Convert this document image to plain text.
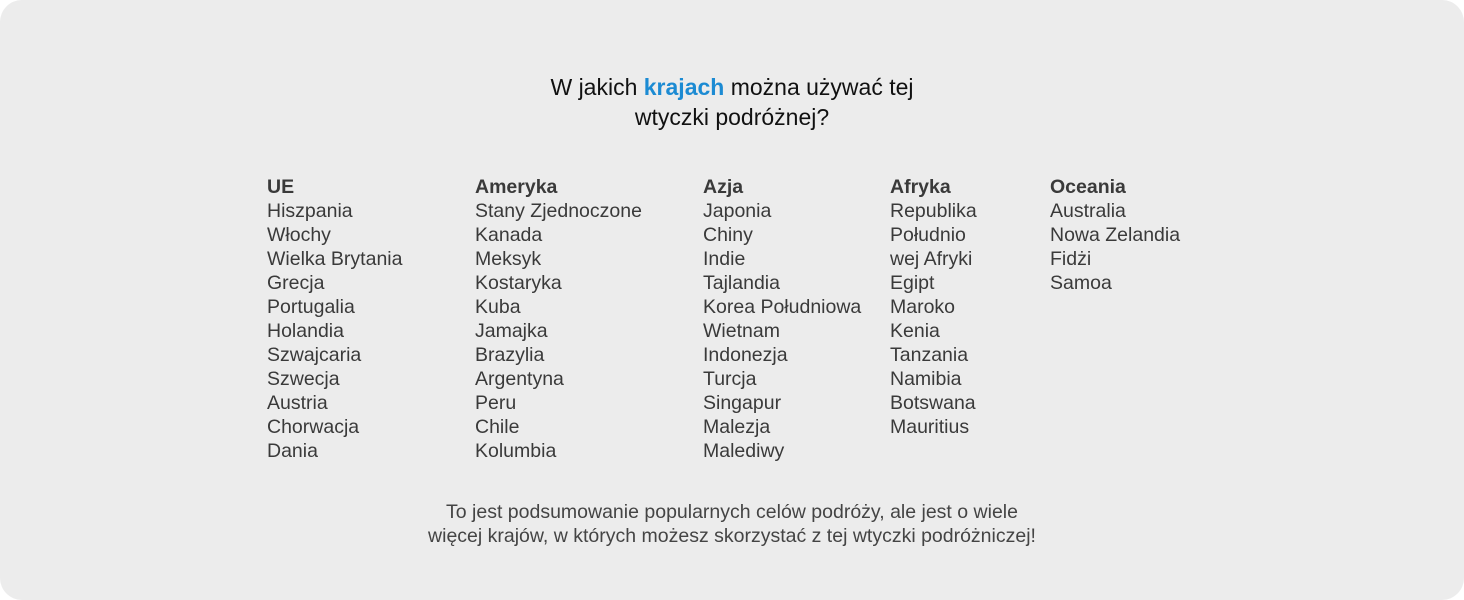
W jakich krajach można używać tej
wtyczki podróżnej?
UE
Hiszpania
Włochy
Wielka Brytania
Grecja
Portugalia
Holandia
Szwajcaria
Szwecja
Austria
Chorwacja
Dania
Ameryka
Stany Zjednoczone
Kanada
Meksyk
Kostaryka
Kuba
Jamajka
Brazylia
Argentyna
Peru
Chile
Kolumbia
Azja
Japonia
Chiny
Indie
Tajlandia
Korea Południowa
Wietnam
Indonezja
Turcja
Singapur
Malezja
Malediwy
Afryka
Republika
Południo
wej Afryki
Egipt
Maroko
Kenia
Tanzania
Namibia
Botswana
Mauritius
Oceania
Australia
Nowa Zelandia
Fidżi
Samoa

To jest podsumowanie popularnych celów podróży, ale jest o wiele
więcej krajów, w których możesz skorzystać z tej wtyczki podróżniczej!
